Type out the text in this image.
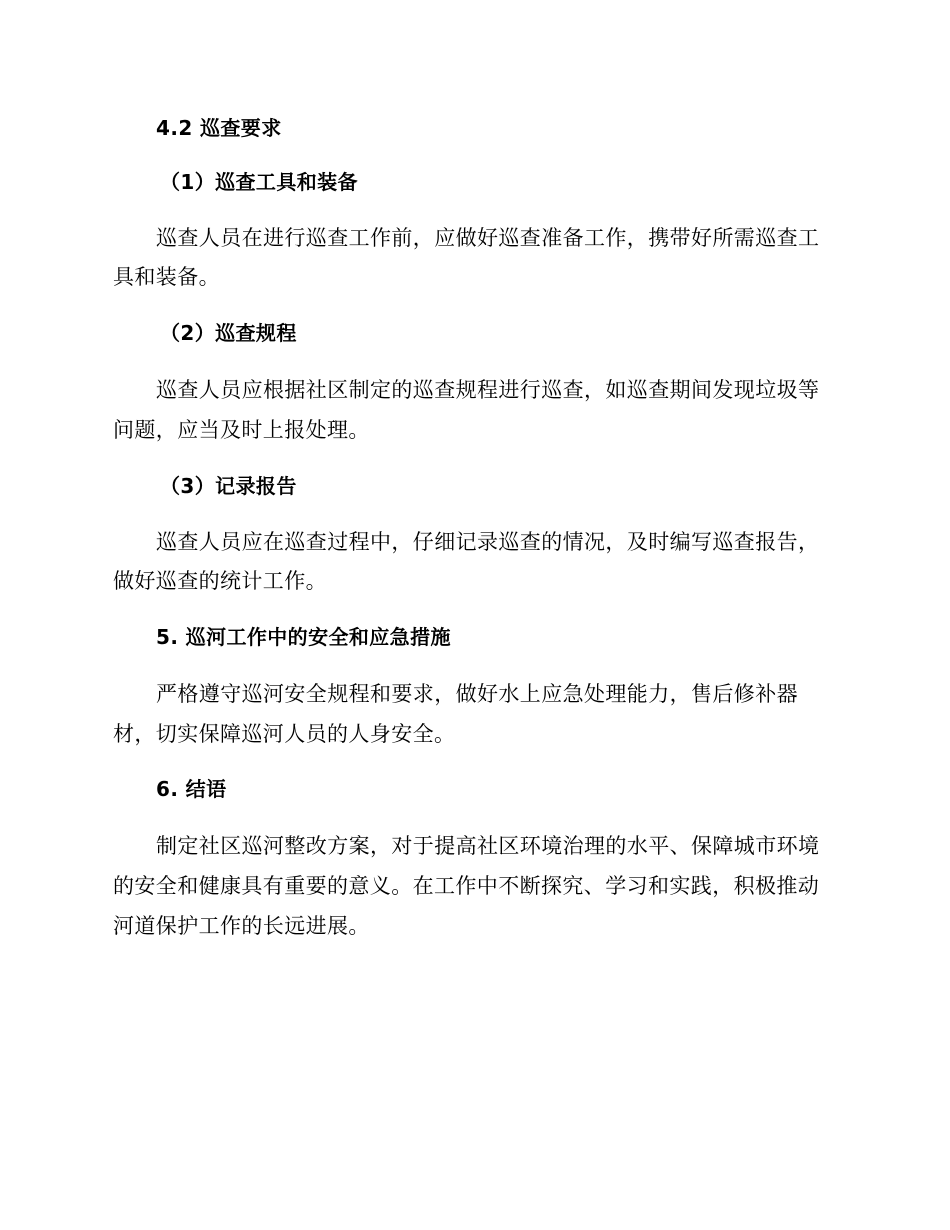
4.2 巡查要求
（1）巡查工具和装备
巡查人员在进行巡查工作前，应做好巡查准备工作，携带好所需巡查工
具和装备。
（2）巡查规程
巡查人员应根据社区制定的巡查规程进行巡查，如巡查期间发现垃圾等
问题，应当及时上报处理。
（3）记录报告
巡查人员应在巡查过程中，仔细记录巡查的情况，及时编写巡查报告，
做好巡查的统计工作。
5. 巡河工作中的安全和应急措施
严格遵守巡河安全规程和要求，做好水上应急处理能力，售后修补器
材，切实保障巡河人员的人身安全。
6. 结语
制定社区巡河整改方案，对于提高社区环境治理的水平、保障城市环境
的安全和健康具有重要的意义。在工作中不断探究、学习和实践，积极推动
河道保护工作的长远进展。
